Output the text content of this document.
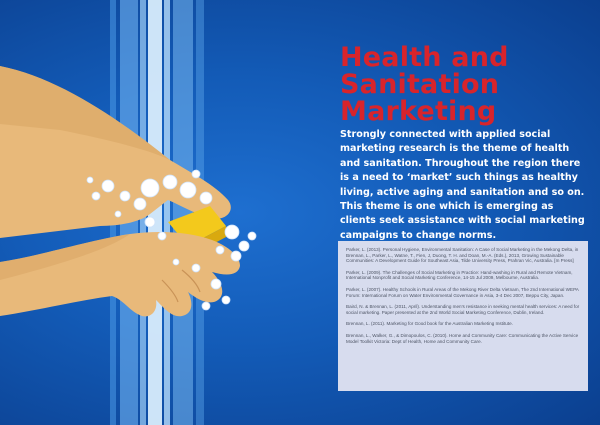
Health and
Sanitation
Marketing

Strongly connected with applied social marketing research is the theme of health and sanitation. Throughout the region there is a need to ‘market’ such things as healthy living, active aging and sanitation and so on. This theme is one which is emerging as clients seek assistance with social marketing campaigns to change norms.

Parker, L. (2013). Personal Hygiene, Environmental Sanitation: A Case of Social Marketing in the Mekong Delta, in Brennan, L., Parker, L., Watne, T., Fien, J, Duong, T. H. and Doan, M.-A. (Eds.), 2013, Growing Sustainable Communities: A Development Guide for Southeast Asia, Tilde University Press, Prahran Vic, Australia. [In Press]

Parker, L. (2009). The Challenges of Social Marketing in Practice: Hand-washing in Rural and Remote Vietnam, International Nonprofit and Social Marketing Conference, 14-15 Jul 2009, Melbourne, Australia.

Parker, L. (2007). Healthy Schools in Rural Areas of the Mekong River Delta Vietnam, The 2nd International WEPA Forum: International Forum on Water Environmental Governance in Asia, 3-4 Dec 2007, Beppu City, Japan.

Baird, N. & Brennan, L. (2011, April). Understanding men's resistance in seeking mental health services: A need for social marketing. Paper presented at the 2nd World Social Marketing Conference, Dublin, Ireland.

Brennan, L. (2011). Marketing for Good book for the Australian Marketing Institute.

Brennan, L., Walker, G., & Dimopoulos, C. (2010). Home and Community Care: Communicating the Active Service Model Toolkit Victoria: Dept of Health, Home and Community Care.
